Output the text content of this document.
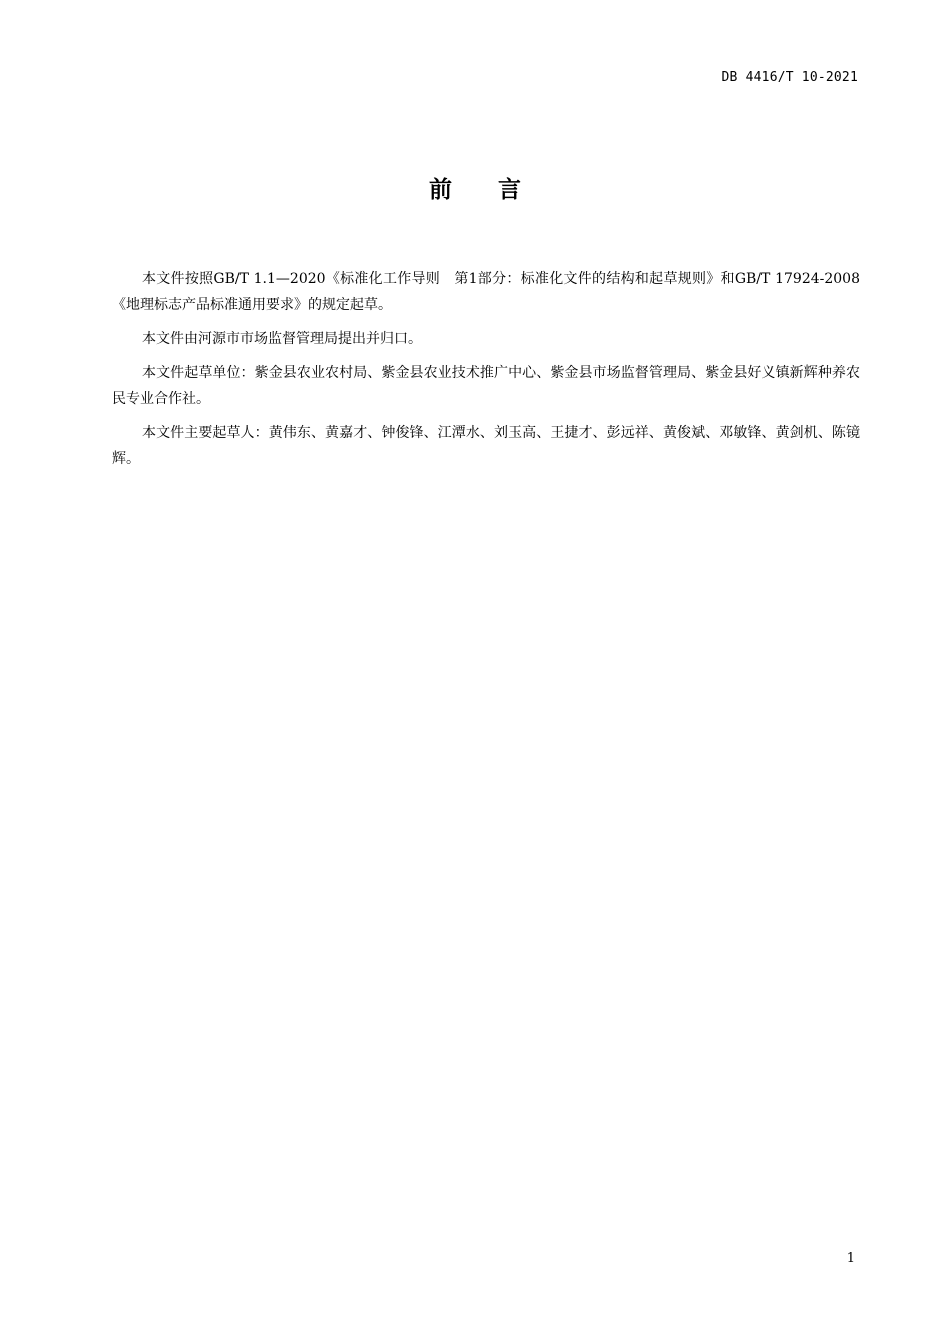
DB 4416/T 10-2021
前 言

本文件按照GB/T 1.1—2020《标准化工作导则　第1部分：标准化文件的结构和起草规则》和GB/T 17924-2008 《地理标志产品标准通用要求》的规定起草。

本文件由河源市市场监督管理局提出并归口。

本文件起草单位：紫金县农业农村局、紫金县农业技术推广中心、紫金县市场监督管理局、紫金县好义镇新辉种养农民专业合作社。

本文件主要起草人：黄伟东、黄嘉才、钟俊锋、江潭水、刘玉高、王捷才、彭远祥、黄俊斌、邓敏锋、黄剑机、陈镜辉。

1
